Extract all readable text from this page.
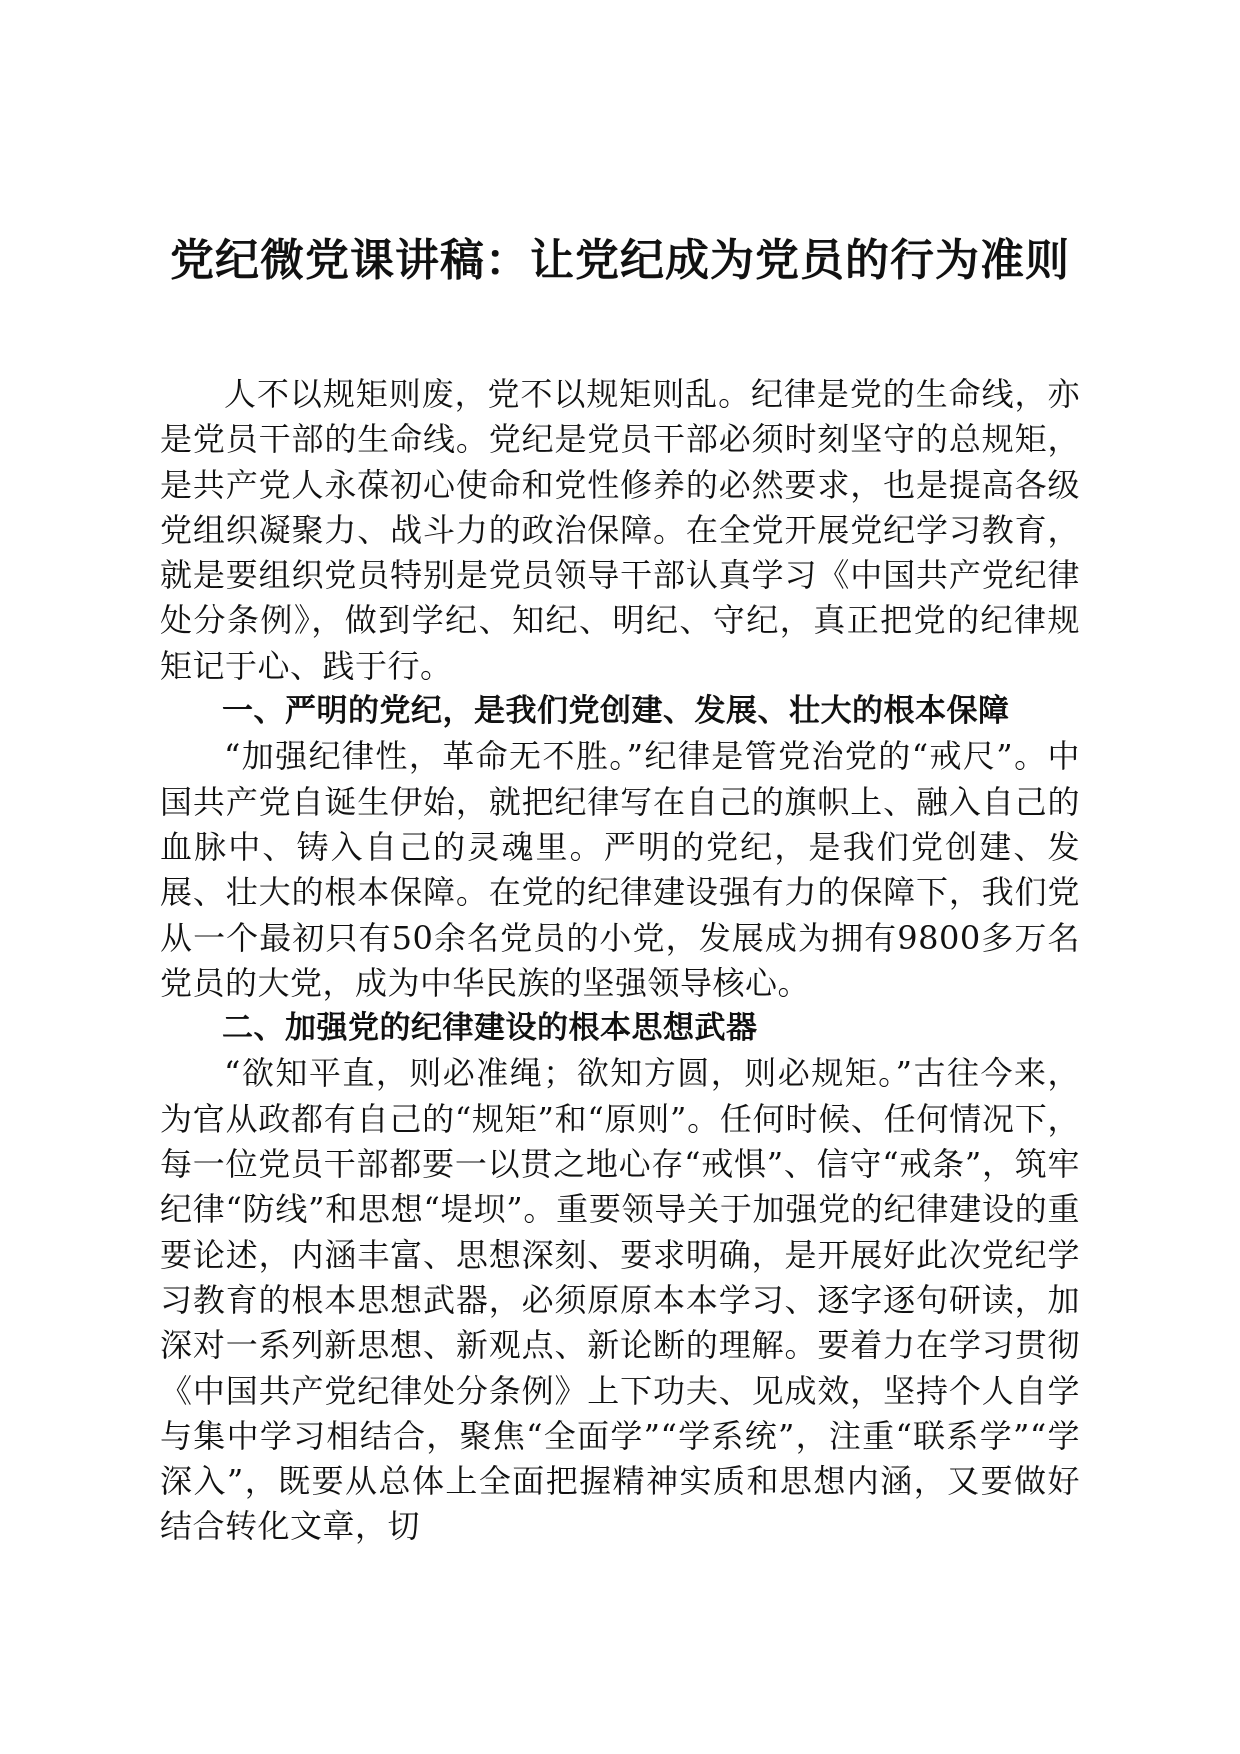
党纪微党课讲稿：让党纪成为党员的行为准则

人不以规矩则废，党不以规矩则乱。纪律是党的生命线，亦是党员干部的生命线。党纪是党员干部必须时刻坚守的总规矩，是共产党人永葆初心使命和党性修养的必然要求，也是提高各级党组织凝聚力、战斗力的政治保障。在全党开展党纪学习教育，就是要组织党员特别是党员领导干部认真学习《中国共产党纪律处分条例》，做到学纪、知纪、明纪、守纪，真正把党的纪律规矩记于心、践于行。

一、严明的党纪，是我们党创建、发展、壮大的根本保障

“加强纪律性，革命无不胜。”纪律是管党治党的“戒尺”。中国共产党自诞生伊始，就把纪律写在自己的旗帜上、融入自己的血脉中、铸入自己的灵魂里。严明的党纪，是我们党创建、发展、壮大的根本保障。在党的纪律建设强有力的保障下，我们党从一个最初只有50余名党员的小党，发展成为拥有9800多万名党员的大党，成为中华民族的坚强领导核心。

二、加强党的纪律建设的根本思想武器

“欲知平直，则必准绳；欲知方圆，则必规矩。”古往今来，为官从政都有自己的“规矩”和“原则”。任何时候、任何情况下，每一位党员干部都要一以贯之地心存“戒惧”、信守“戒条”，筑牢纪律“防线”和思想“堤坝”。重要领导关于加强党的纪律建设的重要论述，内涵丰富、思想深刻、要求明确，是开展好此次党纪学习教育的根本思想武器，必须原原本本学习、逐字逐句研读，加深对一系列新思想、新观点、新论断的理解。要着力在学习贯彻《中国共产党纪律处分条例》上下功夫、见成效，坚持个人自学与集中学习相结合，聚焦“全面学”“学系统”，注重“联系学”“学深入”，既要从总体上全面把握精神实质和思想内涵，又要做好结合转化文章，切
